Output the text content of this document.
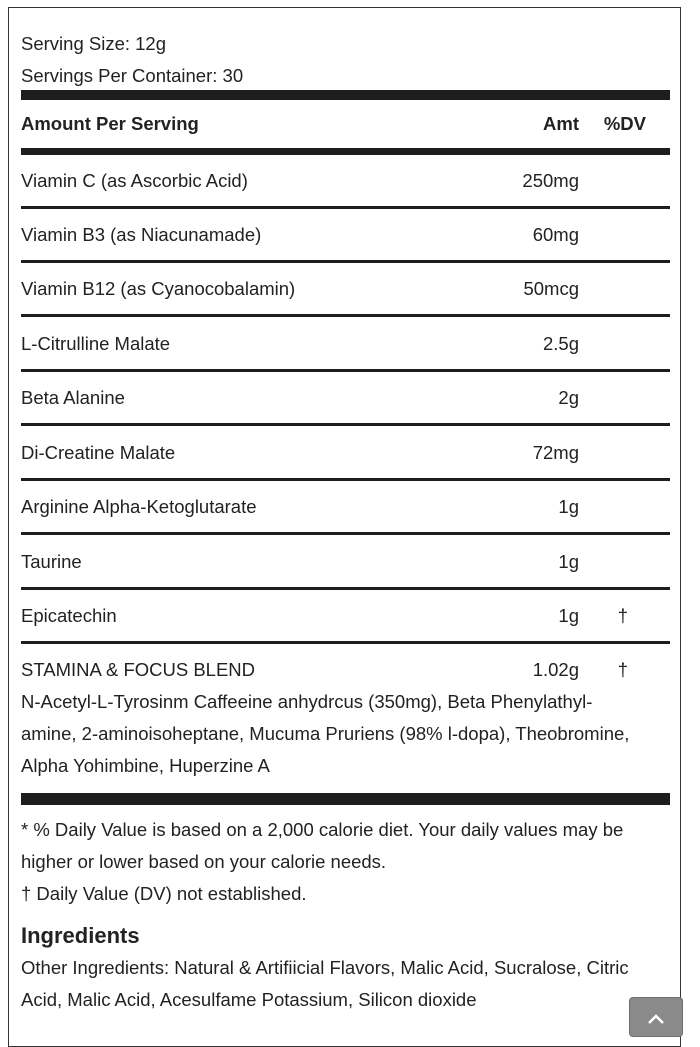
Serving Size: 12g
Servings Per Container: 30
Amount Per Serving	Amt %DV
Viamin C (as Ascorbic Acid)	250mg
Viamin B3 (as Niacunamade)	60mg
Viamin B12 (as Cyanocobalamin)	50mcg
L-Citrulline Malate	2.5g
Beta Alanine	2g
Di-Creatine Malate	72mg
Arginine Alpha-Ketoglutarate	1g
Taurine	1g
Epicatechin	1g †
STAMINA & FOCUS BLEND	1.02g †
N-Acetyl-L-Tyrosinm Caffeeine anhydrcus (350mg), Beta Phenylathyl-
amine, 2-aminoisoheptane, Mucuma Pruriens (98% l-dopa), Theobromine,
Alpha Yohimbine, Huperzine A
* % Daily Value is based on a 2,000 calorie diet. Your daily values may be
higher or lower based on your calorie needs.
† Daily Value (DV) not established.
Ingredients
Other Ingredients: Natural & Artifiicial Flavors, Malic Acid, Sucralose, Citric
Acid, Malic Acid, Acesulfame Potassium, Silicon dioxide
